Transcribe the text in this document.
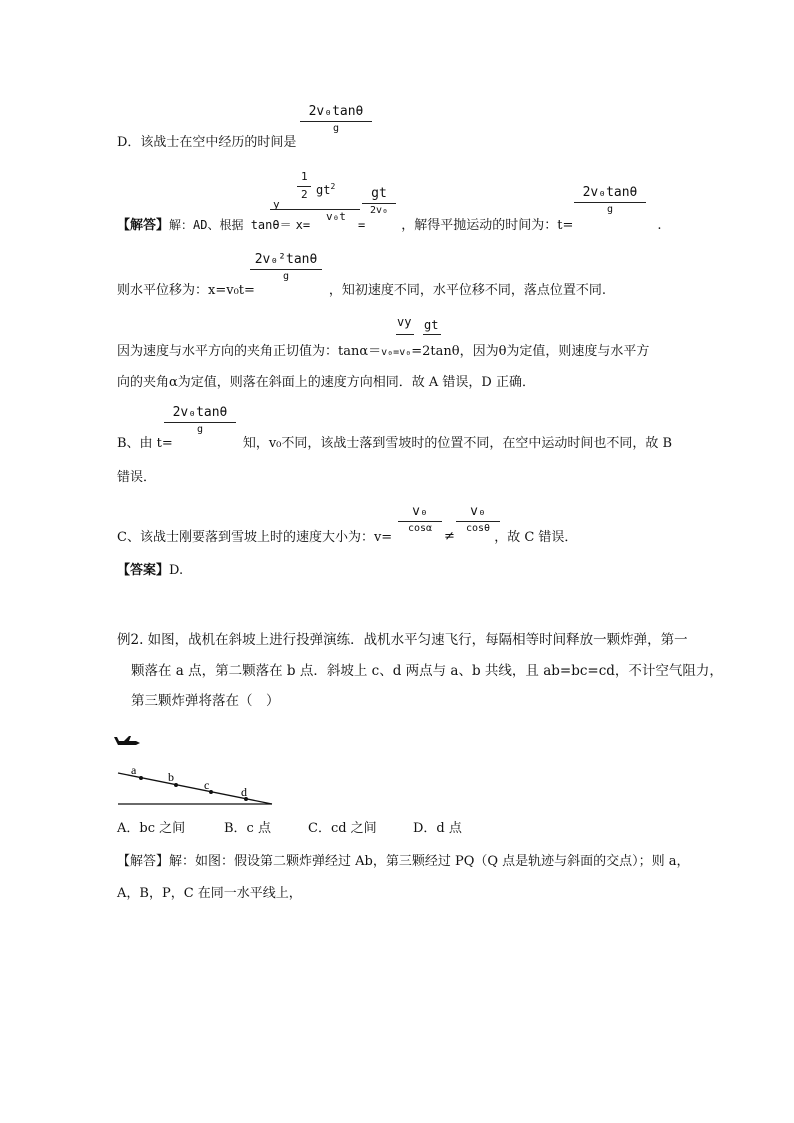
2v₀tanθ
g
D．该战士在空中经历的时间是
1
2 $gt^2$
y
v₀t
gt
2v₀
2v₀tanθ
g
【解答】解：AD、根据 tanθ＝ x=	=	，解得平抛运动的时间为：t=	.
2v₀²tanθ
g
则水平位移为：x=v₀t=	，知初速度不同，水平位移不同，落点位置不同.
vy gt
因为速度与水平方向的夹角正切值为：tanα＝v₀=v₀=2tanθ，因为θ为定值，则速度与水平方
向的夹角α为定值，则落在斜面上的速度方向相同．故 A 错误，D 正确．
2v₀tanθ
g
B、由 t=	知，v₀不同，该战士落到雪坡时的位置不同，在空中运动时间也不同，故 B
错误．
v₀
cosα
≠
v₀
cosθ
C、该战士刚要落到雪坡上时的速度大小为：v=	，故 C 错误．
【答案】D.
例2. 如图，战机在斜坡上进行投弹演练．战机水平匀速飞行，每隔相等时间释放一颗炸弹，第一
颗落在 a 点，第二颗落在 b 点．斜坡上 c、d 两点与 a、b 共线，且 ab=bc=cd，不计空气阻力，
第三颗炸弹将落在（　）
a	b
c	d
A．bc 之间	B．c 点	C．cd 之间	D．d 点
【解答】解：如图：假设第二颗炸弹经过 Ab，第三颗经过 PQ（Q 点是轨迹与斜面的交点）；则 a，
A，B，P，C 在同一水平线上，
